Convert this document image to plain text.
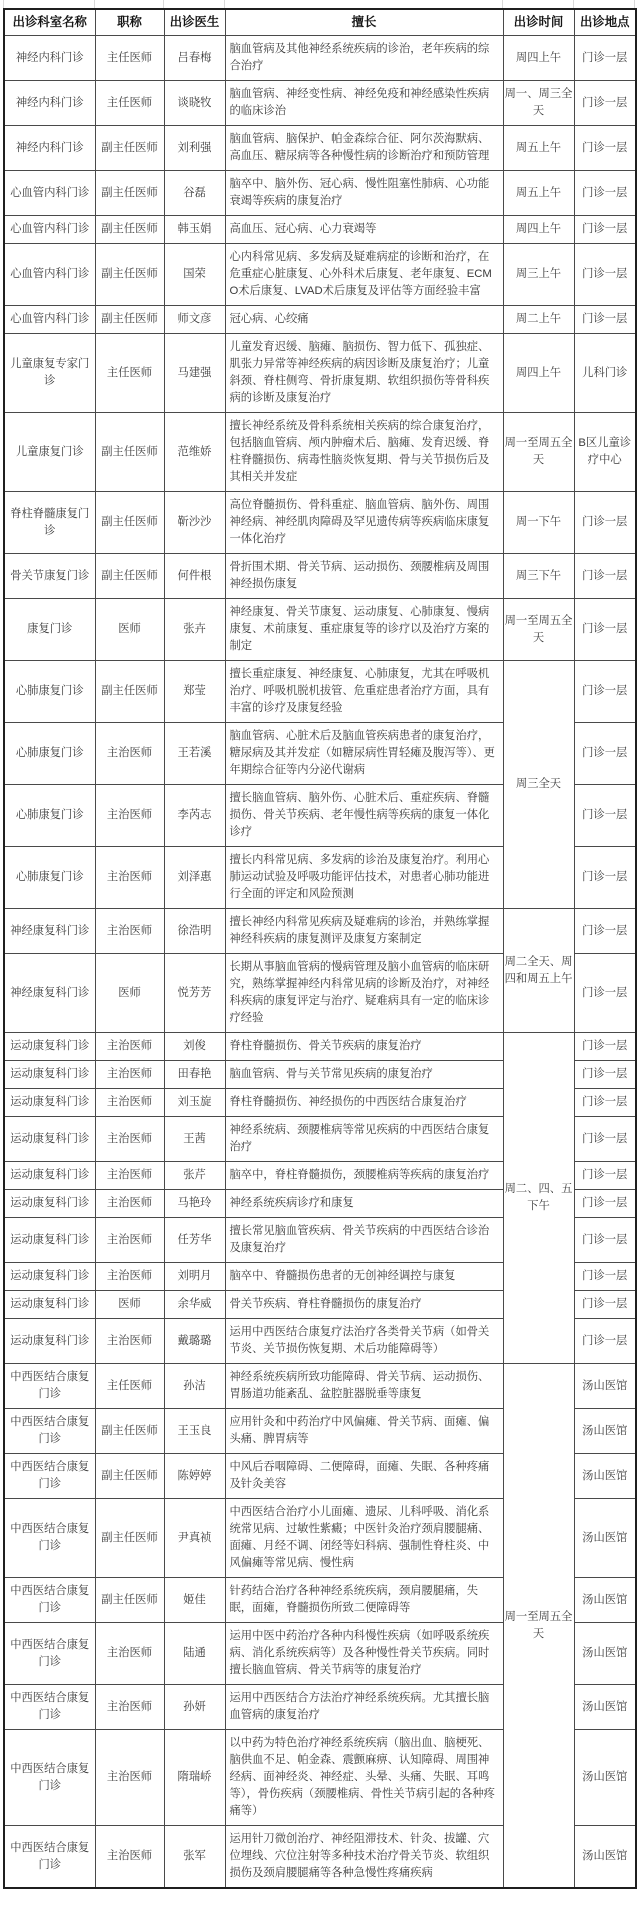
出诊科室名称	职称	出诊医生	擅长	出诊时间	出诊地点
神经内科门诊	主任医师	吕春梅	脑血管病及其他神经系统疾病的诊治，老年疾病的综合治疗	周四上午	门诊一层
神经内科门诊	主任医师	谈晓牧	脑血管病、神经变性病、神经免疫和神经感染性疾病的临床诊治	周一、周三全天	门诊一层
神经内科门诊	副主任医师	刘利强	脑血管病、脑保护、帕金森综合征、阿尔茨海默病、高血压、糖尿病等各种慢性病的诊断治疗和预防管理	周五上午	门诊一层
心血管内科门诊	副主任医师	谷磊	脑卒中、脑外伤、冠心病、慢性阻塞性肺病、心功能衰竭等疾病的康复治疗	周五上午	门诊一层
心血管内科门诊	副主任医师	韩玉娟	高血压、冠心病、心力衰竭等	周四上午	门诊一层
心血管内科门诊	副主任医师	国荣	心内科常见病、多发病及疑难病症的诊断和治疗，在危重症心脏康复、心外科术后康复、老年康复、ECMO术后康复、LVAD术后康复及评估等方面经验丰富	周三上午	门诊一层
心血管内科门诊	副主任医师	师文彦	冠心病、心绞痛	周二上午	门诊一层
儿童康复专家门诊	主任医师	马建强	儿童发育迟缓、脑瘫、脑损伤、智力低下、孤独症、肌张力异常等神经疾病的病因诊断及康复治疗；儿童斜颈、脊柱侧弯、骨折康复期、软组织损伤等骨科疾病的诊断及康复治疗	周四上午	儿科门诊
儿童康复门诊	副主任医师	范维娇	擅长神经系统及骨科系统相关疾病的综合康复治疗，包括脑血管病、颅内肿瘤术后、脑瘫、发育迟缓、脊柱脊髓损伤、病毒性脑炎恢复期、骨与关节损伤后及其相关并发症	周一至周五全天	B区儿童诊疗中心
脊柱脊髓康复门诊	副主任医师	靳沙沙	高位脊髓损伤、骨科重症、脑血管病、脑外伤、周围神经病、神经肌肉障碍及罕见遗传病等疾病临床康复一体化治疗	周一下午	门诊一层
骨关节康复门诊	副主任医师	何件根	骨折围术期、骨关节病、运动损伤、颈腰椎病及周围神经损伤康复	周三下午	门诊一层
康复门诊	医师	张卉	神经康复、骨关节康复、运动康复、心肺康复、慢病康复、术前康复、重症康复等的诊疗以及治疗方案的制定	周一至周五全天	门诊一层
心肺康复门诊	副主任医师	郑莹	擅长重症康复、神经康复、心肺康复，尤其在呼吸机治疗、呼吸机脱机拔管、危重症患者治疗方面，具有丰富的诊疗及康复经验	周三全天	门诊一层
心肺康复门诊	主治医师	王若溪	脑血管病、心脏术后及脑血管疾病患者的康复治疗，糖尿病及其并发症（如糖尿病性胃轻瘫及腹泻等）、更年期综合征等内分泌代谢病		门诊一层
心肺康复门诊	主治医师	李芮志	擅长脑血管病、脑外伤、心脏术后、重症疾病、脊髓损伤、骨关节疾病、老年慢性病等疾病的康复一体化诊疗		门诊一层
心肺康复门诊	主治医师	刘泽惠	擅长内科常见病、多发病的诊治及康复治疗。利用心肺运动试验及呼吸功能评估技术，对患者心肺功能进行全面的评定和风险预测		门诊一层
神经康复科门诊	主治医师	徐浩明	擅长神经内科常见疾病及疑难病的诊治，并熟练掌握神经科疾病的康复测评及康复方案制定	周二全天、周四和周五上午	门诊一层
神经康复科门诊	医师	悦芳芳	长期从事脑血管病的慢病管理及脑小血管病的临床研究，熟练掌握神经内科常见病的诊断及治疗，对神经科疾病的康复评定与治疗、疑难病具有一定的临床诊疗经验		门诊一层
运动康复科门诊	主治医师	刘俊	脊柱脊髓损伤、骨关节疾病的康复治疗	周二、四、五下午	门诊一层
运动康复科门诊	主治医师	田春艳	脑血管病、骨与关节常见疾病的康复治疗		门诊一层
运动康复科门诊	主治医师	刘玉旋	脊柱脊髓损伤、神经损伤的中西医结合康复治疗		门诊一层
运动康复科门诊	主治医师	王茜	神经系统病、颈腰椎病等常见疾病的中西医结合康复治疗		门诊一层
运动康复科门诊	主治医师	张芹	脑卒中，脊柱脊髓损伤，颈腰椎病等疾病的康复治疗		门诊一层
运动康复科门诊	主治医师	马艳玲	神经系统疾病诊疗和康复		门诊一层
运动康复科门诊	主治医师	任芳华	擅长常见脑血管疾病、骨关节疾病的中西医结合诊治及康复治疗		门诊一层
运动康复科门诊	主治医师	刘明月	脑卒中、脊髓损伤患者的无创神经调控与康复		门诊一层
运动康复科门诊	医师	余华威	骨关节疾病、脊柱脊髓损伤的康复治疗		门诊一层
运动康复科门诊	主治医师	戴璐璐	运用中西医结合康复疗法治疗各类骨关节病（如骨关节炎、关节损伤恢复期、术后功能障碍等）		门诊一层
中西医结合康复门诊	主任医师	孙洁	神经系统疾病所致功能障碍、骨关节病、运动损伤、胃肠道功能紊乱、盆腔脏器脱垂等康复	周一至周五全天	汤山医馆
中西医结合康复门诊	副主任医师	王玉良	应用针灸和中药治疗中风偏瘫、骨关节病、面瘫、偏头痛、脾胃病等		汤山医馆
中西医结合康复门诊	副主任医师	陈婷婷	中风后吞咽障碍、二便障碍，面瘫、失眠、各种疼痛及针灸美容		汤山医馆
中西医结合康复门诊	副主任医师	尹真祯	中西医结合治疗小儿面瘫、遗尿、儿科呼吸、消化系统常见病、过敏性紫癜；中医针灸治疗颈肩腰腿痛、面瘫、月经不调、闭经等妇科病、强制性脊柱炎、中风偏瘫等常见病、慢性病		汤山医馆
中西医结合康复门诊	副主任医师	姬佳	针药结合治疗各种神经系统疾病，颈肩腰腿痛，失眠，面瘫，脊髓损伤所致二便障碍等		汤山医馆
中西医结合康复门诊	主治医师	陆通	运用中医中药治疗各种内科慢性疾病（如呼吸系统疾病、消化系统疾病等）及各种慢性骨关节疾病。同时擅长脑血管病、骨关节病等的康复治疗		汤山医馆
中西医结合康复门诊	主治医师	孙妍	运用中西医结合方法治疗神经系统疾病。尤其擅长脑血管病的康复治疗		汤山医馆
中西医结合康复门诊	主治医师	隋瑞峤	以中药为特色治疗神经系统疾病（脑出血、脑梗死、脑供血不足、帕金森、震颤麻痹、认知障碍、周围神经病、面神经炎、神经症、头晕、头痛、失眠、耳鸣等），骨伤疾病（颈腰椎病、骨性关节病引起的各种疼痛等）		汤山医馆
中西医结合康复门诊	主治医师	张军	运用针刀微创治疗、神经阻滞技术、针灸、拔罐、穴位埋线、穴位注射等多种技术治疗骨关节炎、软组织损伤及颈肩腰腿痛等各种急慢性疼痛疾病		汤山医馆
